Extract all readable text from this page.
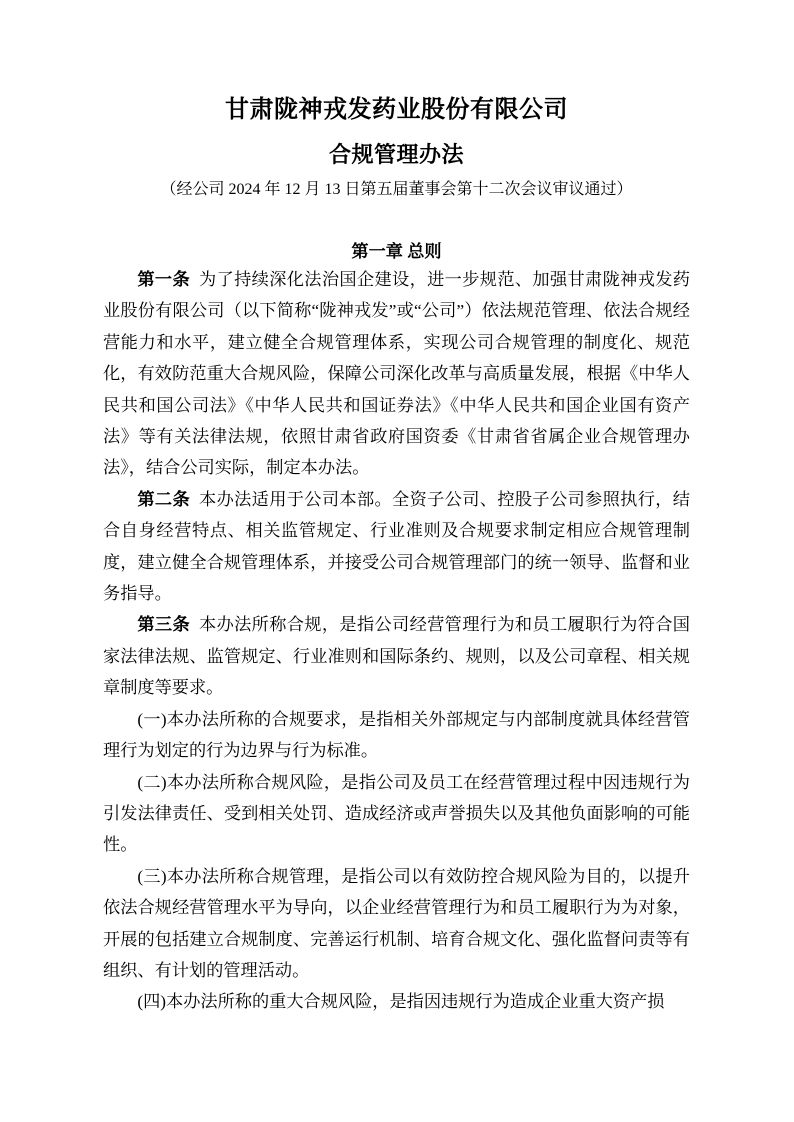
甘肃陇神戎发药业股份有限公司
合规管理办法

（经公司 2024 年 12 月 13 日第五届董事会第十二次会议审议通过）

第一章 总则

第一条 为了持续深化法治国企建设，进一步规范、加强甘肃陇神戎发药业股份有限公司（以下简称“陇神戎发”或“公司”）依法规范管理、依法合规经营能力和水平，建立健全合规管理体系，实现公司合规管理的制度化、规范化，有效防范重大合规风险，保障公司深化改革与高质量发展，根据《中华人民共和国公司法》《中华人民共和国证券法》《中华人民共和国企业国有资产法》等有关法律法规，依照甘肃省政府国资委《甘肃省省属企业合规管理办法》，结合公司实际，制定本办法。

第二条 本办法适用于公司本部。全资子公司、控股子公司参照执行，结合自身经营特点、相关监管规定、行业准则及合规要求制定相应合规管理制度，建立健全合规管理体系，并接受公司合规管理部门的统一领导、监督和业务指导。

第三条 本办法所称合规，是指公司经营管理行为和员工履职行为符合国家法律法规、监管规定、行业准则和国际条约、规则，以及公司章程、相关规章制度等要求。

(一)本办法所称的合规要求，是指相关外部规定与内部制度就具体经营管理行为划定的行为边界与行为标准。

(二)本办法所称合规风险，是指公司及员工在经营管理过程中因违规行为引发法律责任、受到相关处罚、造成经济或声誉损失以及其他负面影响的可能性。

(三)本办法所称合规管理，是指公司以有效防控合规风险为目的，以提升依法合规经营管理水平为导向，以企业经营管理行为和员工履职行为为对象，开展的包括建立合规制度、完善运行机制、培育合规文化、强化监督问责等有组织、有计划的管理活动。

(四)本办法所称的重大合规风险，是指因违规行为造成企业重大资产损
